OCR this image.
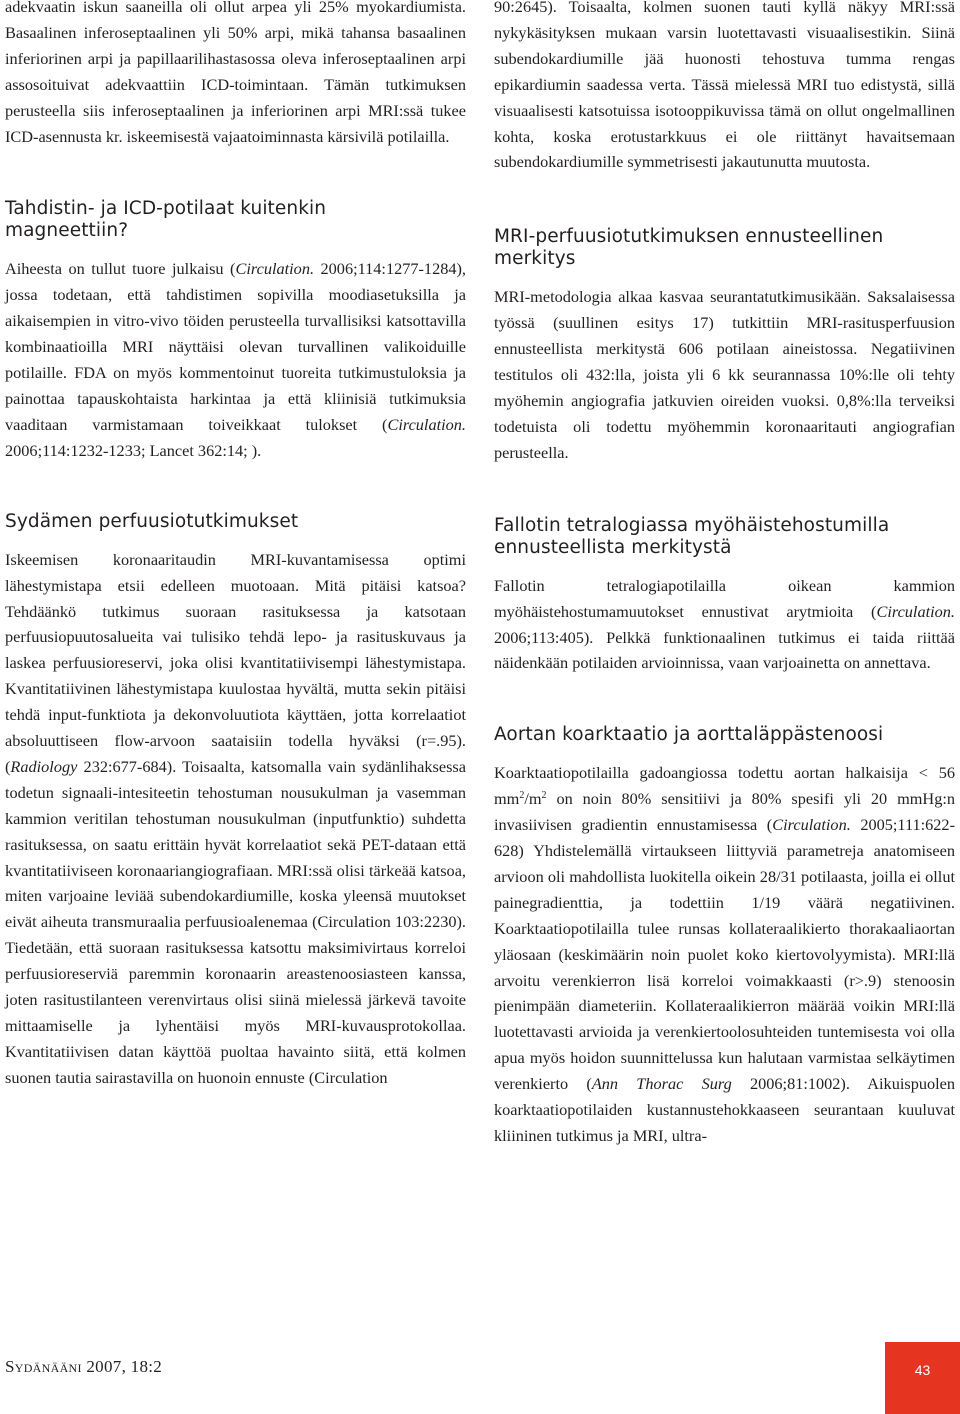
adekvaatin iskun saaneilla oli ollut arpea yli 25% myokardiumista. Basaalinen inferoseptaalinen yli 50% arpi, mikä tahansa basaalinen inferiorinen arpi ja papillaarilihastasossa oleva inferoseptaalinen arpi assosoituivat adekvaattiin ICD-toimintaan. Tämän tutkimuksen perusteella siis inferoseptaalinen ja inferiorinen arpi MRI:ssä tukee ICD-asennusta kr. iskeemisestä vajaatoiminnasta kärsivilä potilailla.

Tahdistin- ja ICD-potilaat kuitenkin magneettiin?

Aiheesta on tullut tuore julkaisu (Circulation. 2006;114:1277-1284), jossa todetaan, että tahdistimen sopivilla moodiasetuksilla ja aikaisempien in vitro-vivo töiden perusteella turvallisiksi katsottavilla kombinaatioilla MRI näyttäisi olevan turvallinen valikoiduille potilaille. FDA on myös kommentoinut tuoreita tutkimustuloksia ja painottaa tapauskohtaista harkintaa ja että kliinisiä tutkimuksia vaaditaan varmistamaan toiveikkaat tulokset (Circulation. 2006;114:1232-1233; Lancet 362:14; ).

Sydämen perfuusiotutkimukset

Iskeemisen koronaaritaudin MRI-kuvantamisessa optimi lähestymistapa etsii edelleen muotoaan. Mitä pitäisi katsoa? Tehdäänkö tutkimus suoraan rasituksessa ja katsotaan perfuusiopuutosalueita vai tulisiko tehdä lepo- ja rasituskuvaus ja laskea perfuusioreservi, joka olisi kvantitatiivisempi lähestymistapa. Kvantitatiivinen lähestymistapa kuulostaa hyvältä, mutta sekin pitäisi tehdä input-funktiota ja dekonvoluutiota käyttäen, jotta korrelaatiot absoluuttiseen flow-arvoon saataisiin todella hyväksi (r=.95). (Radiology 232:677-684). Toisaalta, katsomalla vain sydänlihaksessa todetun signaali-intesiteetin tehostuman nousukulman ja vasemman kammion veritilan tehostuman nousukulman (inputfunktio) suhdetta rasituksessa, on saatu erittäin hyvät korrelaatiot sekä PET-dataan että kvantitatiiviseen koronaariangiografiaan. MRI:ssä olisi tärkeää katsoa, miten varjoaine leviää subendokardiumille, koska yleensä muutokset eivät aiheuta transmuraalia perfuusioalenemaa (Circulation 103:2230). Tiedetään, että suoraan rasituksessa katsottu maksimivirtaus korreloi perfuusioreserviä paremmin koronaarin areastenoosiasteen kanssa, joten rasitustilanteen verenvirtaus olisi siinä mielessä järkevä tavoite mittaamiselle ja lyhentäisi myös MRI-kuvausprotokollaa. Kvantitatiivisen datan käyttöä puoltaa havainto siitä, että kolmen suonen tautia sairastavilla on huonoin ennuste (Circulation

90:2645). Toisaalta, kolmen suonen tauti kyllä näkyy MRI:ssä nykykäsityksen mukaan varsin luotettavasti visuaalisestikin. Siinä subendokardiumille jää huonosti tehostuva tumma rengas epikardiumin saadessa verta. Tässä mielessä MRI tuo edistystä, sillä visuaalisesti katsotuissa isotooppikuvissa tämä on ollut ongelmallinen kohta, koska erotustarkkuus ei ole riittänyt havaitsemaan subendokardiumille symmetrisesti jakautunutta muutosta.

MRI-perfuusiotutkimuksen ennusteellinen merkitys

MRI-metodologia alkaa kasvaa seurantatutkimusikään. Saksalaisessa työssä (suullinen esitys 17) tutkittiin MRI-rasitusperfuusion ennusteellista merkitystä 606 potilaan aineistossa. Negatiivinen testitulos oli 432:lla, joista yli 6 kk seurannassa 10%:lle oli tehty myöhemin angiografia jatkuvien oireiden vuoksi. 0,8%:lla terveiksi todetuista oli todettu myöhemmin koronaaritauti angiografian perusteella.

Fallotin tetralogiassa myöhäistehostumilla ennusteellista merkitystä

Fallotin tetralogiapotilailla oikean kammion myöhäistehostumamuutokset ennustivat arytmioita (Circulation. 2006;113:405). Pelkkä funktionaalinen tutkimus ei taida riittää näidenkään potilaiden arvioinnissa, vaan varjoainetta on annettava.

Aortan koarktaatio ja aorttaläppästenoosi

Koarktaatiopotilailla gadoangiossa todettu aortan halkaisija < 56 $mm^2/m^2$ on noin 80% sensitiivi ja 80% spesifi yli 20 mmHg:n invasiivisen gradientin ennustamisessa (Circulation. 2005;111:622-628) Yhdistelemällä virtaukseen liittyviä parametreja anatomiseen arvioon oli mahdollista luokitella oikein 28/31 potilaasta, joilla ei ollut painegradienttia, ja todettiin 1/19 väärä negatiivinen. Koarktaatiopotilailla tulee runsas kollateraalikierto thorakaaliaortan yläosaan (keskimäärin noin puolet koko kiertovolyymista). MRI:llä arvoitu verenkierron lisä korreloi voimakkaasti (r>.9) stenoosin pienimpään diameteriin. Kollateraalikierron määrää voikin MRI:llä luotettavasti arvioida ja verenkiertoolosuhteiden tuntemisesta voi olla apua myös hoidon suunnittelussa kun halutaan varmistaa selkäytimen verenkierto (Ann Thorac Surg 2006;81:1002). Aikuispuolen koarktaatiopotilaiden kustannustehokkaaseen seurantaan kuuluvat kliininen tutkimus ja MRI, ultra-

Sydänääni 2007, 18:2	43
